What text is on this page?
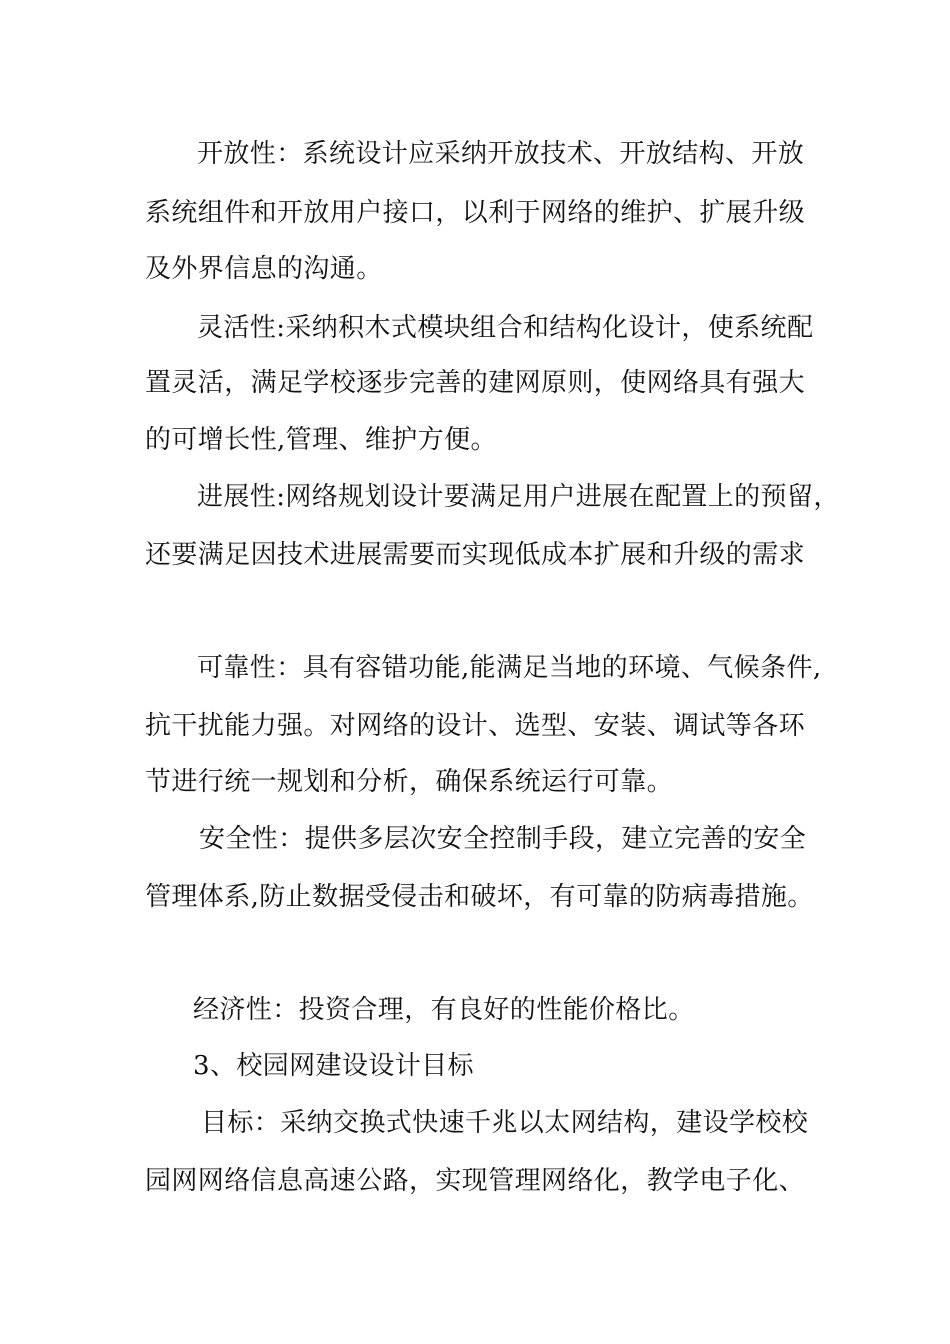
开放性：系统设计应采纳开放技术、开放结构、开放

系统组件和开放用户接口，以利于网络的维护、扩展升级

及外界信息的沟通。

灵活性:采纳积木式模块组合和结构化设计，使系统配

置灵活，满足学校逐步完善的建网原则，使网络具有强大

的可增长性,管理、维护方便。

进展性:网络规划设计要满足用户进展在配置上的预留，

还要满足因技术进展需要而实现低成本扩展和升级的需求

可靠性：具有容错功能,能满足当地的环境、气候条件,

抗干扰能力强。对网络的设计、选型、安装、调试等各环

节进行统一规划和分析，确保系统运行可靠。

安全性：提供多层次安全控制手段，建立完善的安全

管理体系,防止数据受侵击和破坏，有可靠的防病毒措施。

经济性：投资合理，有良好的性能价格比。

3、校园网建设设计目标

目标：采纳交换式快速千兆以太网结构，建设学校校

园网网络信息高速公路，实现管理网络化，教学电子化、
